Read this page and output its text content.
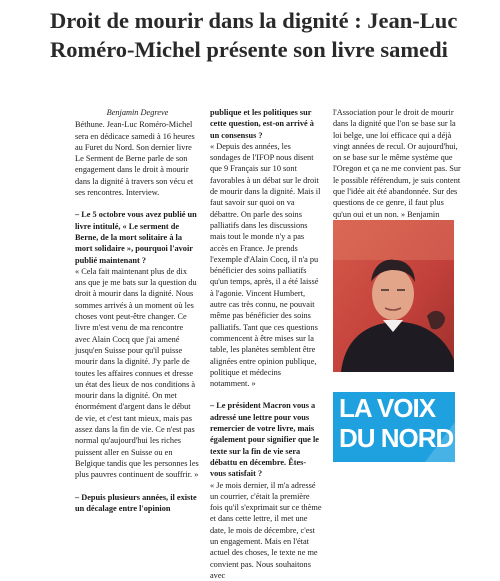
Droit de mourir dans la dignité : Jean-Luc Roméro-Michel présente son livre samedi

Benjamin Degreve

Béthune. Jean-Luc Roméro-Michel sera en dédicace samedi à 16 heures au Furet du Nord. Son dernier livre Le Serment de Berne parle de son engagement dans le droit à mourir dans la dignité à travers son vécu et ses rencontres. Interview.

– Le 5 octobre vous avez publié un livre intitulé, « Le serment de Berne, de la mort solitaire à la mort solidaire », pourquoi l'avoir publié maintenant ?

« Cela fait maintenant plus de dix ans que je me bats sur la question du droit à mourir dans la dignité. Nous sommes arrivés à un moment où les choses vont peut-être changer. Ce livre m'est venu de ma rencontre avec Alain Cocq que j'ai amené jusqu'en Suisse pour qu'il puisse mourir dans la dignité. J'y parle de toutes les affaires connues et dresse un état des lieux de nos conditions à mourir dans la dignité. On met énormément d'argent dans le début de vie, et c'est tant mieux, mais pas assez dans la fin de vie. Ce n'est pas normal qu'aujourd'hui les riches puissent aller en Suisse ou en Belgique tandis que les personnes les plus pauvres continuent de souffrir. »

– Depuis plusieurs années, il existe un décalage entre l'opinion

publique et les politiques sur cette question, est-on arrivé à un consensus ?

« Depuis des années, les sondages de l'IFOP nous disent que 9 Français sur 10 sont favorables à un débat sur le droit de mourir dans la dignité. Mais il faut savoir sur quoi on va débattre. On parle des soins palliatifs dans les discussions mais tout le monde n'y a pas accès en France. Je prends l'exemple d'Alain Cocq, il n'a pu bénéficier des soins palliatifs qu'un temps, après, il a été laissé à l'agonie. Vincent Humbert, autre cas très connu, ne pouvait même pas bénéficier des soins palliatifs. Tant que ces questions commencent à être mises sur la table, les planètes semblent être alignées entre opinion publique, politique et médecins notamment. »

– Le président Macron vous a adressé une lettre pour vous remercier de votre livre, mais également pour signifier que le texte sur la fin de vie sera débattu en décembre. Êtes-vous satisfait ?

« Je mois dernier, il m'a adressé un courrier, c'était la première fois qu'il s'exprimait sur ce thème et dans cette lettre, il met une date, le mois de décembre, c'est un engagement. Mais en l'état actuel des choses, le texte ne me convient pas. Nous souhaitons avec

l'Association pour le droit de mourir dans la dignité que l'on se base sur la loi belge, une loi efficace qui a déjà vingt années de recul. Or aujourd'hui, on se base sur le même système que l'Oregon et ça ne me convient pas. Sur le possible référendum, je suis content que l'idée ait été abandonnée. Sur des questions de ce genre, il faut plus qu'un oui et un non. » Benjamin

LA VOIX
DU NORD
